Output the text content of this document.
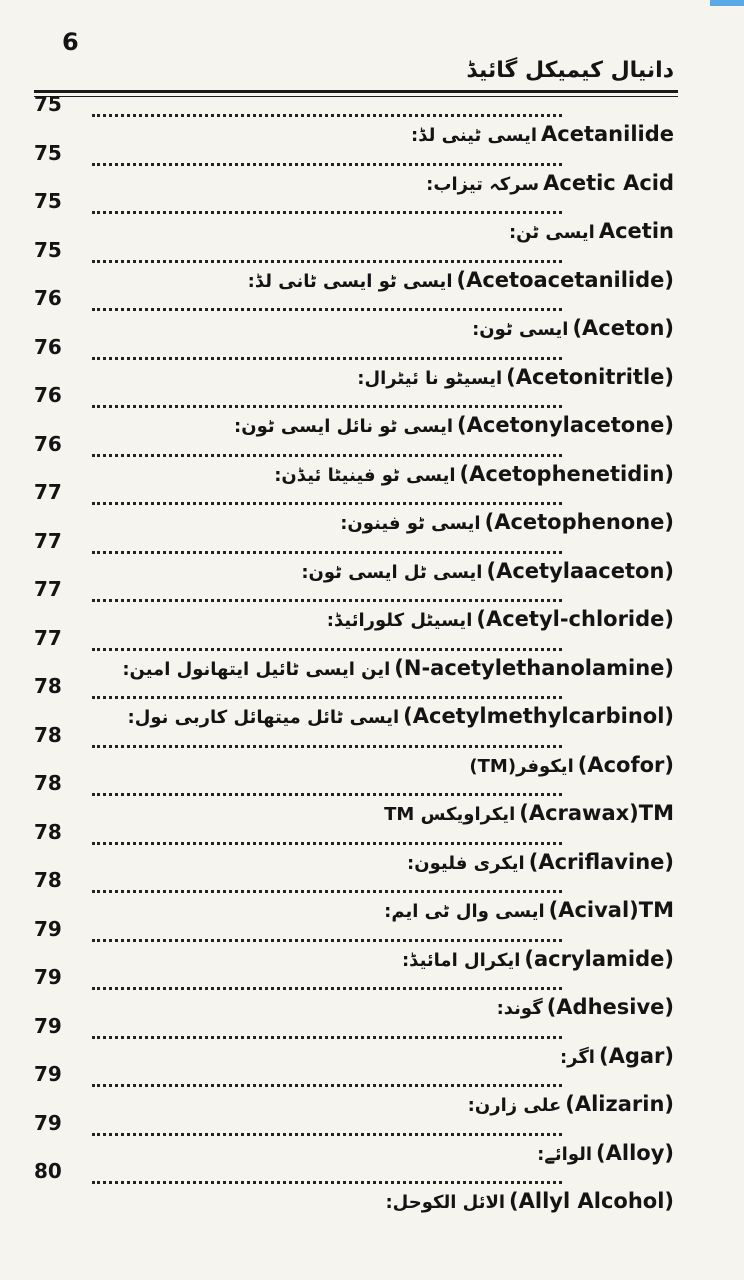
6
دانیال کیمیکل گائیڈ
75
ایسی ٹینی لڈ: Acetanilide
75
سرکہ تیزاب: Acetic Acid
75
ایسی ٹن: Acetin
75
ایسی ٹو ایسی ٹانی لڈ: (Acetoacetanilide)
76
ایسی ٹون: (Aceton)
76
ایسیٹو نا ئیٹرال: (Acetonitritle)
76
ایسی ٹو نائل ایسی ٹون: (Acetonylacetone)
76
ایسی ٹو فینیٹا ئیڈن: (Acetophenetidin)
77
ایسی ٹو فینون: (Acetophenone)
77
ایسی ٹل ایسی ٹون: (Acetylaaceton)
77
ایسیٹل کلورائیڈ: (Acetyl-chloride)
77
این ایسی ٹائیل ایتھانول امین: (N-acetylethanolamine)
78
ایسی ٹائل میتھائل کاربی نول: (Acetylmethylcarbinol)
78
ایکوفر(TM) (Acofor)
78
ایکراویکس TM (Acrawax)TM
78
ایکری فلیون: (Acriflavine)
78
ایسی وال ٹی ایم: (Acival)TM
79
ایکرال امائیڈ: (acrylamide)
79
گوند: (Adhesive)
79
اگر: (Agar)
79
علی زارن: (Alizarin)
79
الوائے: (Alloy)
80
الائل الکوحل: (Allyl Alcohol)
